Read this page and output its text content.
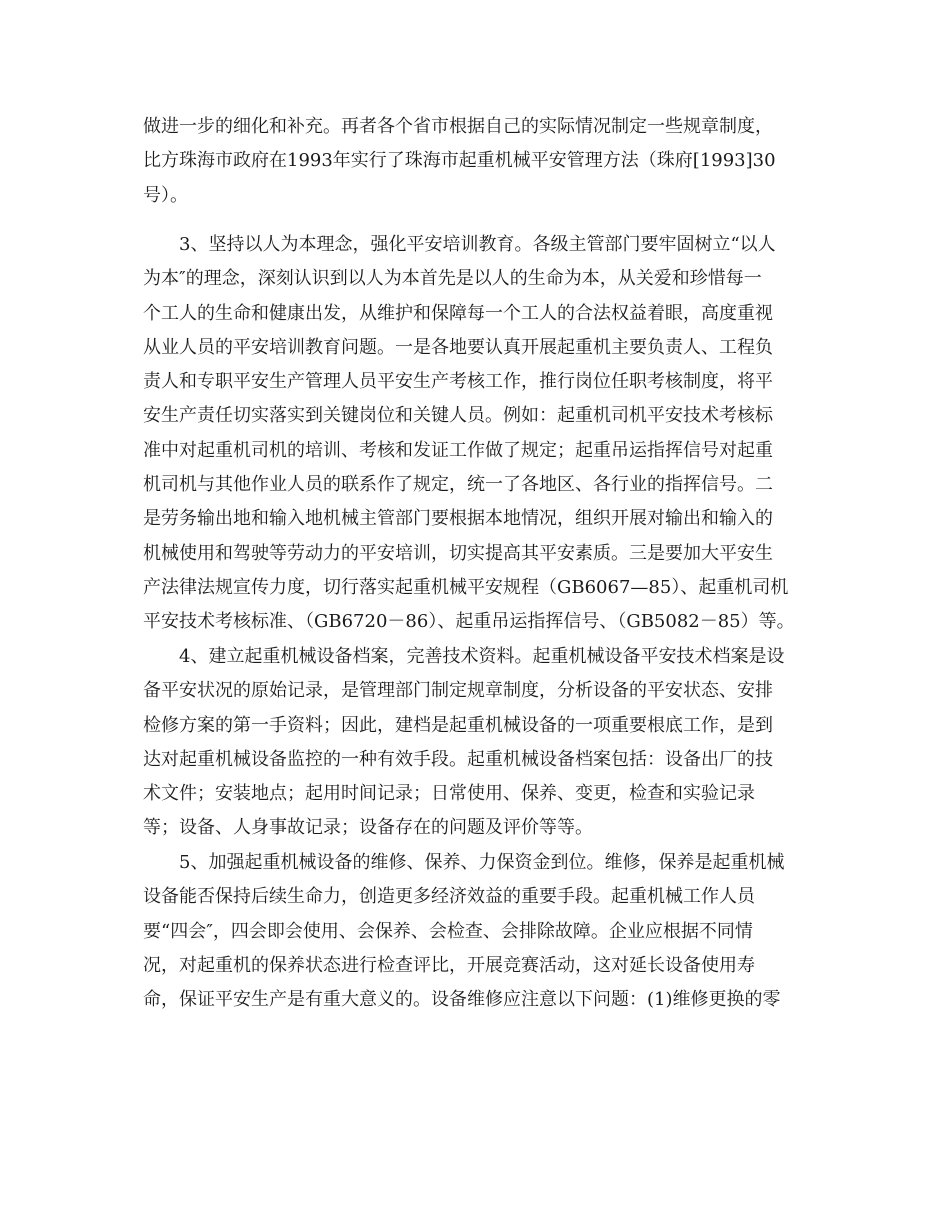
做进一步的细化和补充。再者各个省市根据自己的实际情况制定一些规章制度，
比方珠海市政府在1993年实行了珠海市起重机械平安管理方法（珠府[1993]30
号）。
3、坚持以人为本理念，强化平安培训教育。各级主管部门要牢固树立“以人
为本″的理念，深刻认识到以人为本首先是以人的生命为本，从关爱和珍惜每一
个工人的生命和健康出发，从维护和保障每一个工人的合法权益着眼，高度重视
从业人员的平安培训教育问题。一是各地要认真开展起重机主要负责人、工程负
责人和专职平安生产管理人员平安生产考核工作，推行岗位任职考核制度，将平
安生产责任切实落实到关键岗位和关键人员。例如：起重机司机平安技术考核标
准中对起重机司机的培训、考核和发证工作做了规定；起重吊运指挥信号对起重
机司机与其他作业人员的联系作了规定，统一了各地区、各行业的指挥信号。二
是劳务输出地和输入地机械主管部门要根据本地情况，组织开展对输出和输入的
机械使用和驾驶等劳动力的平安培训，切实提高其平安素质。三是要加大平安生
产法律法规宣传力度，切行落实起重机械平安规程（GB6067—85）、起重机司机
平安技术考核标准、（GB6720－86）、起重吊运指挥信号、（GB5082－85）等。
4、建立起重机械设备档案，完善技术资料。起重机械设备平安技术档案是设
备平安状况的原始记录，是管理部门制定规章制度，分析设备的平安状态、安排
检修方案的第一手资料；因此，建档是起重机械设备的一项重要根底工作，是到
达对起重机械设备监控的一种有效手段。起重机械设备档案包括：设备出厂的技
术文件；安装地点；起用时间记录；日常使用、保养、变更，检查和实验记录
等；设备、人身事故记录；设备存在的问题及评价等等。
5、加强起重机械设备的维修、保养、力保资金到位。维修，保养是起重机械
设备能否保持后续生命力，创造更多经济效益的重要手段。起重机械工作人员
要“四会″，四会即会使用、会保养、会检查、会排除故障。企业应根据不同情
况，对起重机的保养状态进行检查评比，开展竞赛活动，这对延长设备使用寿
命，保证平安生产是有重大意义的。设备维修应注意以下问题：(1)维修更换的零
